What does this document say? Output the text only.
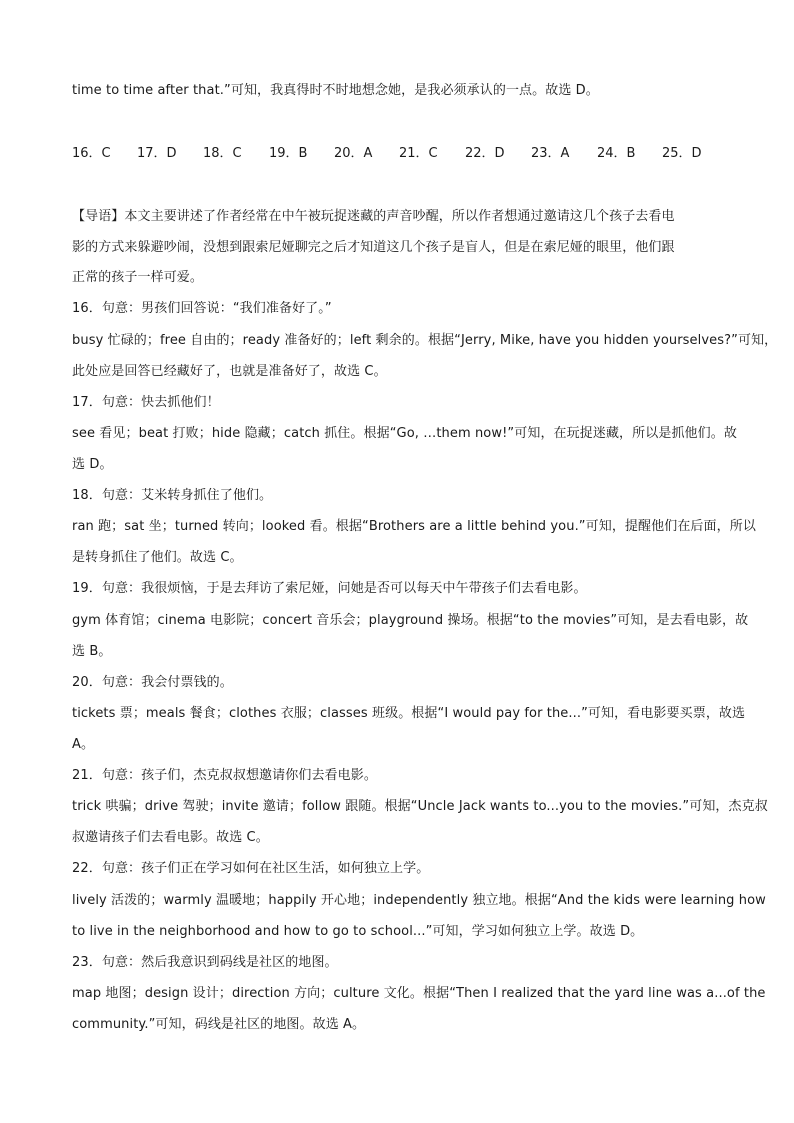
time to time after that.”可知，我真得时不时地想念她，是我必须承认的一点。故选 D。
16．C 17．D 18．C 19．B 20．A 21．C 22．D 23．A 24．B 25．D
【导语】本文主要讲述了作者经常在中午被玩捉迷藏的声音吵醒，所以作者想通过邀请这几个孩子去看电
影的方式来躲避吵闹，没想到跟索尼娅聊完之后才知道这几个孩子是盲人，但是在索尼娅的眼里，他们跟
正常的孩子一样可爱。
16．句意：男孩们回答说：“我们准备好了。”
busy 忙碌的；free 自由的；ready 准备好的；left 剩余的。根据“Jerry, Mike, have you hidden yourselves?”可知，
此处应是回答已经藏好了，也就是准备好了，故选 C。
17．句意：快去抓他们！
see 看见；beat 打败；hide 隐藏；catch 抓住。根据“Go, …them now!”可知，在玩捉迷藏，所以是抓他们。故
选 D。
18．句意：艾米转身抓住了他们。
ran 跑；sat 坐；turned 转向；looked 看。根据“Brothers are a little behind you.”可知，提醒他们在后面，所以
是转身抓住了他们。故选 C。
19．句意：我很烦恼，于是去拜访了索尼娅，问她是否可以每天中午带孩子们去看电影。
gym 体育馆；cinema 电影院；concert 音乐会；playground 操场。根据“to the movies”可知，是去看电影，故
选 B。
20．句意：我会付票钱的。
tickets 票；meals 餐食；clothes 衣服；classes 班级。根据“I would pay for the...”可知，看电影要买票，故选
A。
21．句意：孩子们，杰克叔叔想邀请你们去看电影。
trick 哄骗；drive 驾驶；invite 邀请；follow 跟随。根据“Uncle Jack wants to...you to the movies.”可知，杰克叔
叔邀请孩子们去看电影。故选 C。
22．句意：孩子们正在学习如何在社区生活，如何独立上学。
lively 活泼的；warmly 温暖地；happily 开心地；independently 独立地。根据“And the kids were learning how
to live in the neighborhood and how to go to school...”可知，学习如何独立上学。故选 D。
23．句意：然后我意识到码线是社区的地图。
map 地图；design 设计；direction 方向；culture 文化。根据“Then I realized that the yard line was a...of the
community.”可知，码线是社区的地图。故选 A。
